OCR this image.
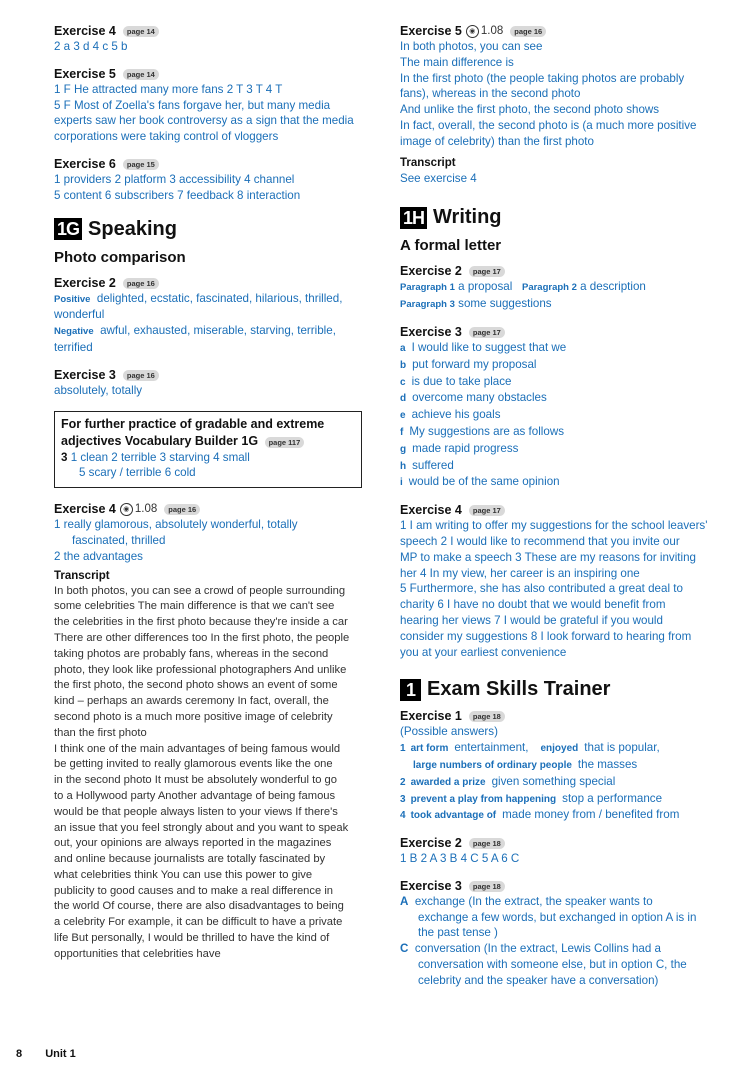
Exercise 4	page 14
2 a 3 d 4 c 5 b
Exercise 5	page 14
1 F He attracted many more fans 2 T 3 T 4 T
5 F Most of Zoella's fans forgave her, but many media
experts saw her book controversy as a sign that the media
corporations were taking control of vloggers
Exercise 6	page 15
1 providers 2 platform 3 accessibility 4 channel
5 content 6 subscribers 7 feedback 8 interaction
1G Speaking
Photo comparison
Exercise 2	page 16
Positive delighted, ecstatic, fascinated, hilarious, thrilled, wonderful
Negative awful, exhausted, miserable, starving, terrible, terrified
Exercise 3	page 16
absolutely, totally
For further practice of gradable and extreme
adjectives Vocabulary Builder 1G page 117
3 1 clean 2 terrible 3 starving 4 small
5 scary / terrible 6 cold
Exercise 4	◉ 1.08	page 16
1 really glamorous, absolutely wonderful, totally
fascinated, thrilled
2 the advantages
Transcript
In both photos, you can see a crowd of people surrounding
some celebrities The main difference is that we can't see
the celebrities in the first photo because they're inside a car
There are other differences too In the first photo, the people
taking photos are probably fans, whereas in the second
photo, they look like professional photographers And unlike
the first photo, the second photo shows an event of some
kind – perhaps an awards ceremony In fact, overall, the
second photo is a much more positive image of celebrity
than the first photo
I think one of the main advantages of being famous would
be getting invited to really glamorous events like the one
in the second photo It must be absolutely wonderful to go
to a Hollywood party Another advantage of being famous
would be that people always listen to your views If there's
an issue that you feel strongly about and you want to speak
out, your opinions are always reported in the magazines
and online because journalists are totally fascinated by
what celebrities think You can use this power to give
publicity to good causes and to make a real difference in
the world Of course, there are also disadvantages to being
a celebrity For example, it can be difficult to have a private
life But personally, I would be thrilled to have the kind of
opportunities that celebrities have
Exercise 5	◉ 1.08	page 16
In both photos, you can see
The main difference is
In the first photo (the people taking photos are probably
fans), whereas in the second photo
And unlike the first photo, the second photo shows
In fact, overall, the second photo is (a much more positive
image of celebrity) than the first photo
Transcript
See exercise 4
1H Writing
A formal letter
Exercise 2	page 17
Paragraph 1 a proposal Paragraph 2 a description
Paragraph 3 some suggestions
Exercise 3	page 17
a I would like to suggest that we
b put forward my proposal
c is due to take place
d overcome many obstacles
e achieve his goals
f My suggestions are as follows
g made rapid progress
h suffered
i would be of the same opinion
Exercise 4	page 17
1 I am writing to offer my suggestions for the school leavers'
speech 2 I would like to recommend that you invite our
MP to make a speech 3 These are my reasons for inviting
her 4 In my view, her career is an inspiring one
5 Furthermore, she has also contributed a great deal to
charity 6 I have no doubt that we would benefit from
hearing her views 7 I would be grateful if you would
consider my suggestions 8 I look forward to hearing from
you at your earliest convenience
1 Exam Skills Trainer
Exercise 1	page 18
(Possible answers)
1 art form entertainment, enjoyed that is popular,
large numbers of ordinary people the masses
2 awarded a prize given something special
3 prevent a play from happening stop a performance
4 took advantage of made money from / benefited from
Exercise 2	page 18
1 B 2 A 3 B 4 C 5 A 6 C
Exercise 3	page 18
A exchange (In the extract, the speaker wants to
exchange a few words, but exchanged in option A is in
the past tense )
C conversation (In the extract, Lewis Collins had a
conversation with someone else, but in option C, the
celebrity and the speaker have a conversation)
8 Unit 1
